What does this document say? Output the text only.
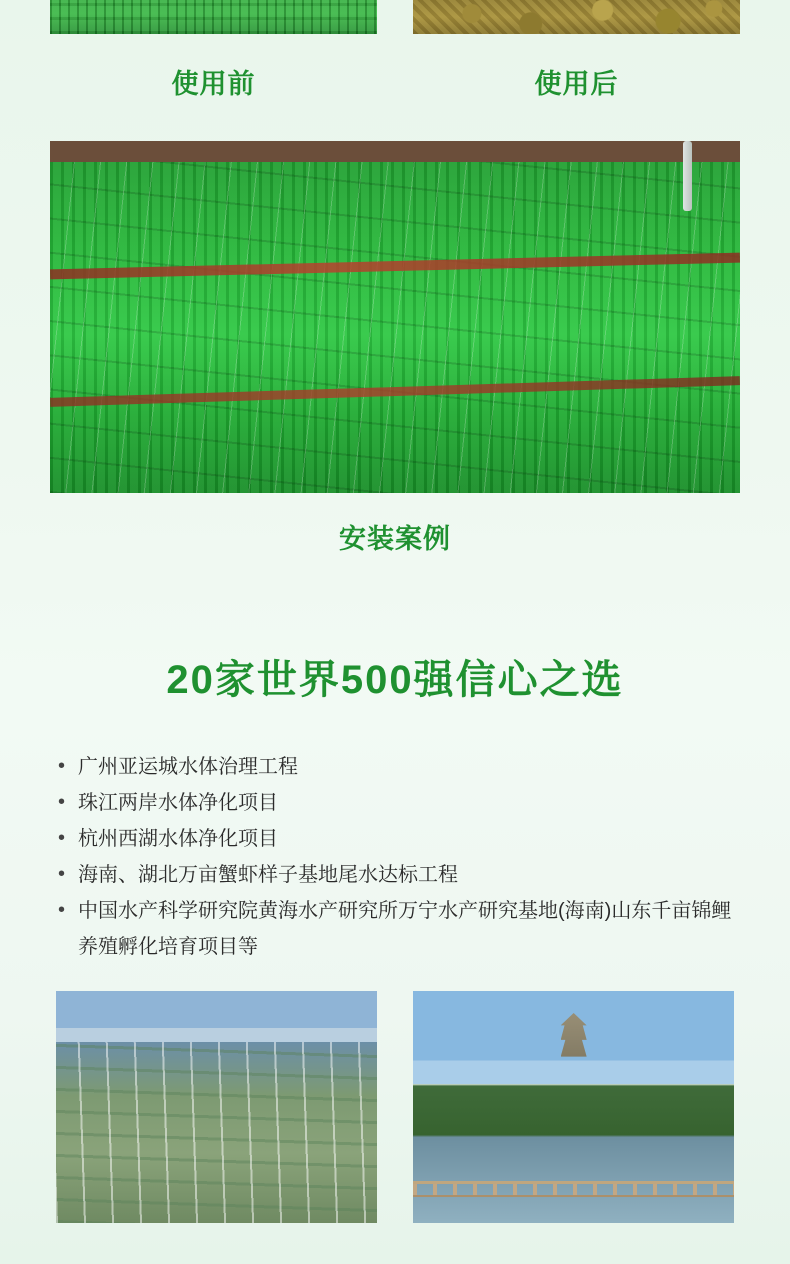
使用前	使用后
安装案例
20家世界500强信心之选
• 广州亚运城水体治理工程
• 珠江两岸水体净化项目
• 杭州西湖水体净化项目
• 海南、湖北万亩蟹虾样子基地尾水达标工程
• 中国水产科学研究院黄海水产研究所万宁水产研究基地(海南)山东千亩锦鲤养殖孵化培育项目等
